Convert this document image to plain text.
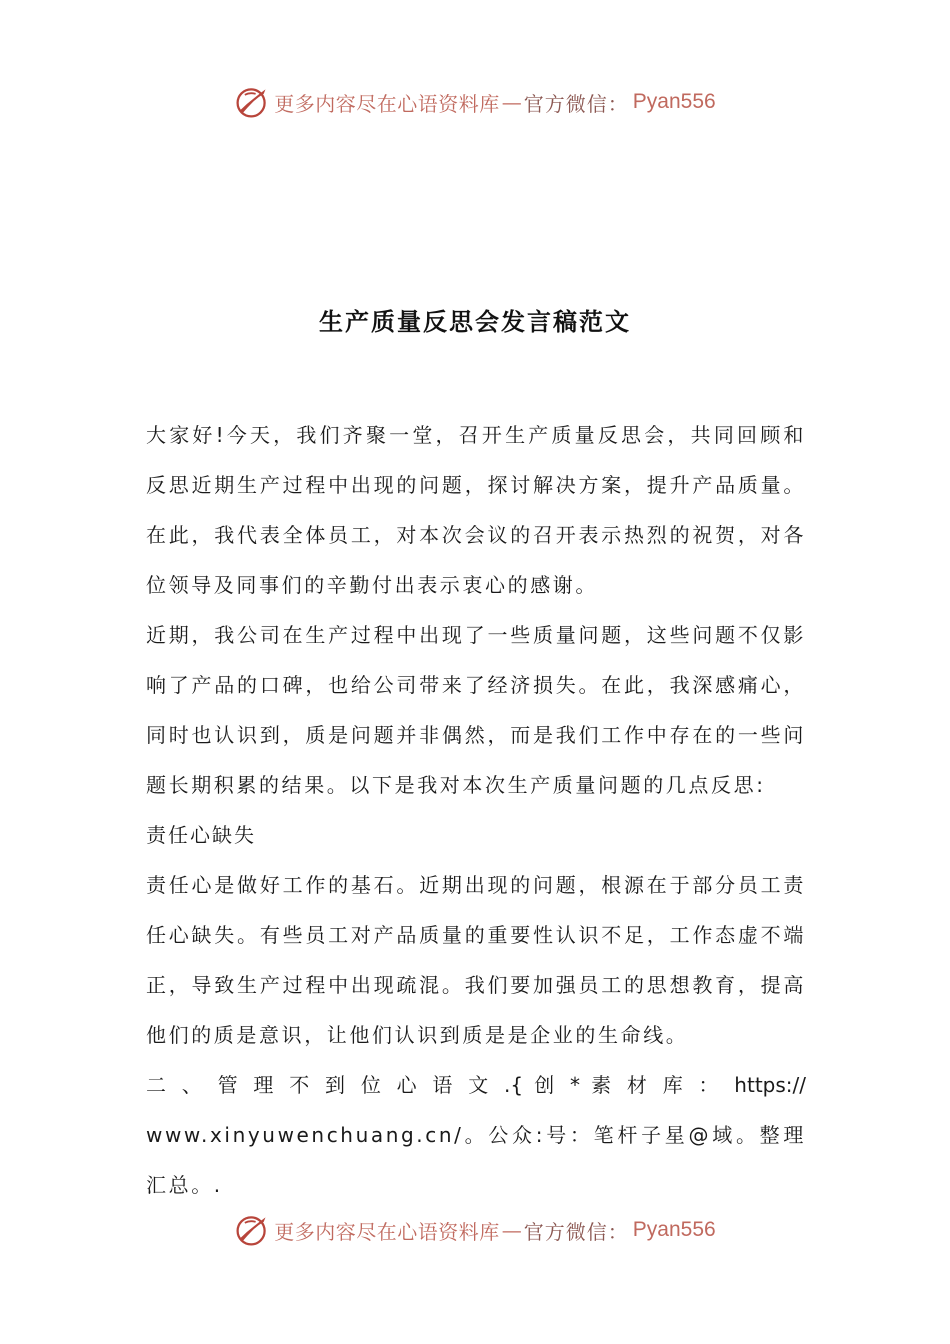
更多内容尽在心语资料库 — 官方微信： Pyan556
生产质量反思会发言稿范文

大家好!今天，我们齐聚一堂，召开生产质量反思会，共同回顾和反思近期生产过程中出现的问题，探讨解决方案，提升产品质量。在此，我代表全体员工，对本次会议的召开表示热烈的祝贺，对各位领导及同事们的辛勤付出表示衷心的感谢。

近期，我公司在生产过程中出现了一些质量问题，这些问题不仅影响了产品的口碑，也给公司带来了经济损失。在此，我深感痛心，同时也认识到，质是问题并非偶然，而是我们工作中存在的一些问题长期积累的结果。以下是我对本次生产质量问题的几点反思:

责任心缺失

责任心是做好工作的基石。近期出现的问题，根源在于部分员工责任心缺失。有些员工对产品质量的重要性认识不足，工作态虚不端正，导致生产过程中出现疏混。我们要加强员工的思想教育，提高他们的质是意识，让他们认识到质是是企业的生命线。

二 、 管 理 不 到 位 心 语 文 .{ 创 * 素 材 库 ： https://

www.xinyuwenchuang.cn/。公众:号：笔杆子星@域。整理汇总。.

更多内容尽在心语资料库 — 官方微信： Pyan556
